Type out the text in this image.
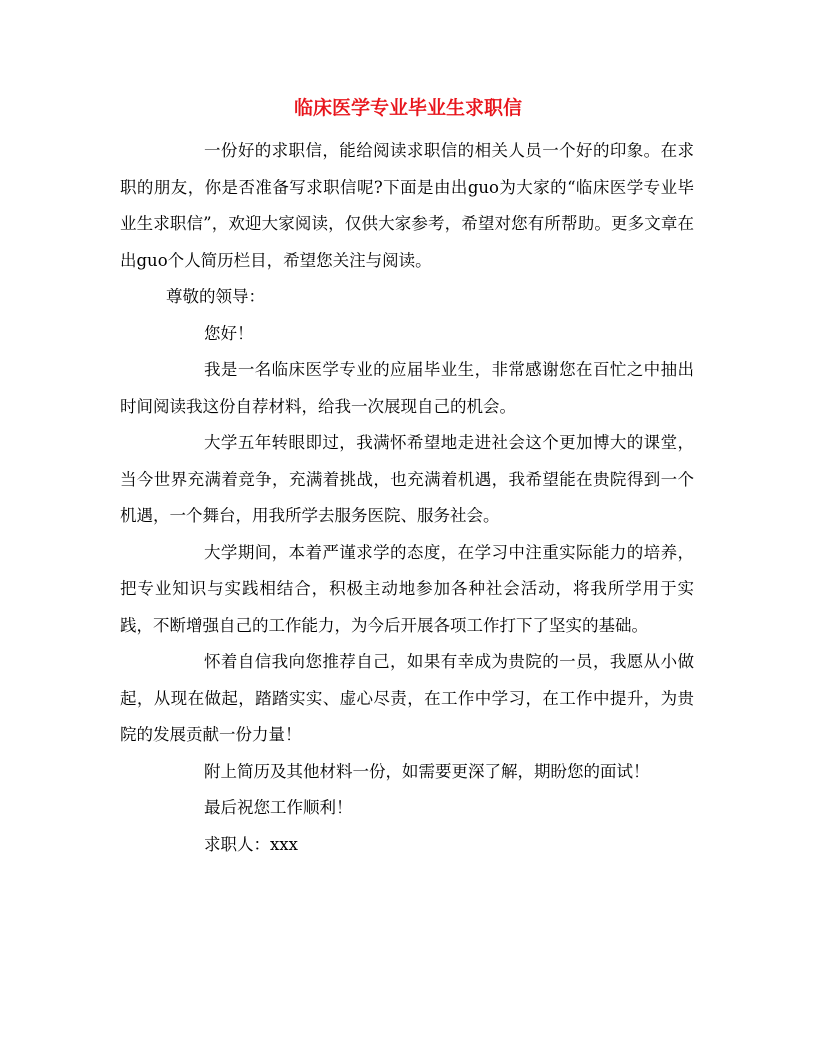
临床医学专业毕业生求职信

一份好的求职信，能给阅读求职信的相关人员一个好的印象。在求职的朋友，你是否准备写求职信呢?下面是由出guo为大家的“临床医学专业毕业生求职信”，欢迎大家阅读，仅供大家参考，希望对您有所帮助。更多文章在出guo个人简历栏目，希望您关注与阅读。

尊敬的领导：

您好！

我是一名临床医学专业的应届毕业生，非常感谢您在百忙之中抽出时间阅读我这份自荐材料，给我一次展现自己的机会。

大学五年转眼即过，我满怀希望地走进社会这个更加博大的课堂，当今世界充满着竞争，充满着挑战，也充满着机遇，我希望能在贵院得到一个机遇，一个舞台，用我所学去服务医院、服务社会。

大学期间，本着严谨求学的态度，在学习中注重实际能力的培养，把专业知识与实践相结合，积极主动地参加各种社会活动，将我所学用于实践，不断增强自己的工作能力，为今后开展各项工作打下了坚实的基础。

怀着自信我向您推荐自己，如果有幸成为贵院的一员，我愿从小做起，从现在做起，踏踏实实、虚心尽责，在工作中学习，在工作中提升，为贵院的发展贡献一份力量！

附上简历及其他材料一份，如需要更深了解，期盼您的面试！

最后祝您工作顺利！

求职人：xxx
